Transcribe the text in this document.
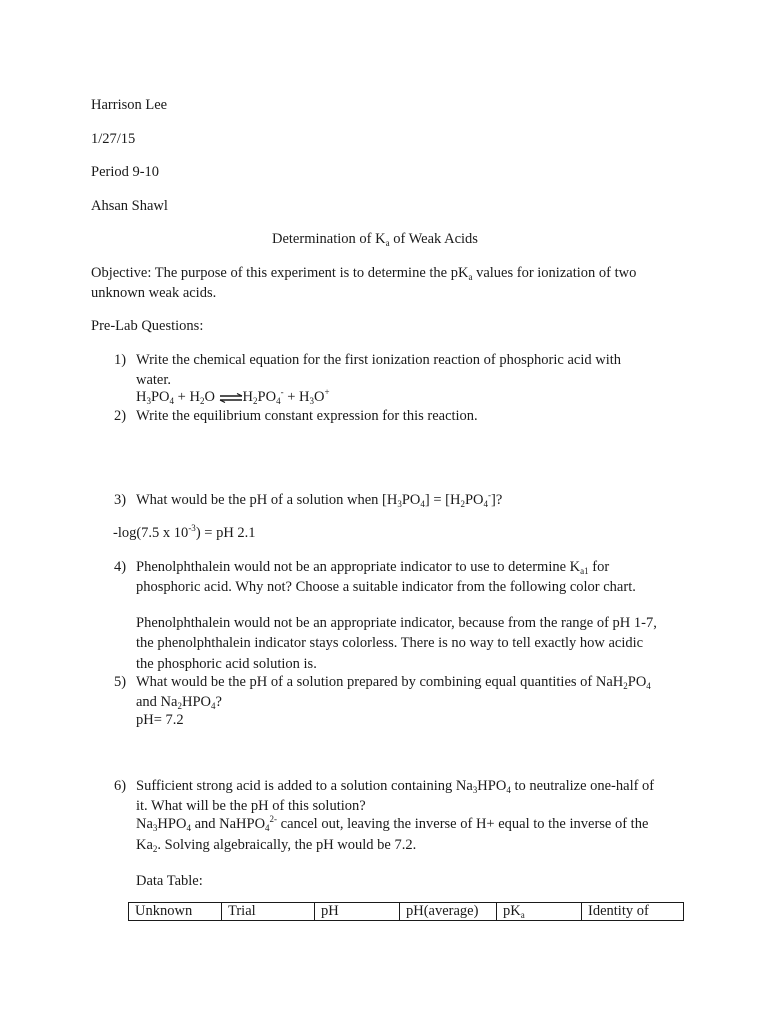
Harrison Lee
1/27/15
Period 9-10
Ahsan Shawl
Determination of $K_a$ of Weak Acids
Objective: The purpose of this experiment is to determine the $pK_a$ values for ionization of two
unknown weak acids.
Pre-Lab Questions:
1) Write the chemical equation for the first ionization reaction of phosphoric acid with
water.
$H_3PO_4 + H_2O$ $\rightleftharpoons H_2PO_4^- + H_3O^+$
2) Write the equilibrium constant expression for this reaction.
3) What would be the pH of a solution when $[H_3PO_4] = [H_2PO_4^-]$?
-log(7.5 x $10^{-3}$) = pH 2.1
4) Phenolphthalein would not be an appropriate indicator to use to determine $K_{a1}$ for
phosphoric acid. Why not? Choose a suitable indicator from the following color chart.
Phenolphthalein would not be an appropriate indicator, because from the range of pH 1-7,
the phenolphthalein indicator stays colorless. There is no way to tell exactly how acidic
the phosphoric acid solution is.
5) What would be the pH of a solution prepared by combining equal quantities of $NaH_2PO_4$
and $Na_2HPO_4$?
pH= 7.2
6) Sufficient strong acid is added to a solution containing $Na_3HPO_4$ to neutralize one-half of
it. What will be the pH of this solution?
$Na_3HPO_4$ and NaHPO$_4^{2-}$ cancel out, leaving the inverse of H+ equal to the inverse of the
$Ka_2$. Solving algebraically, the pH would be 7.2.
Data Table:
Unknown	Trial	pH	pH(average)	$pK_a$	Identity of
